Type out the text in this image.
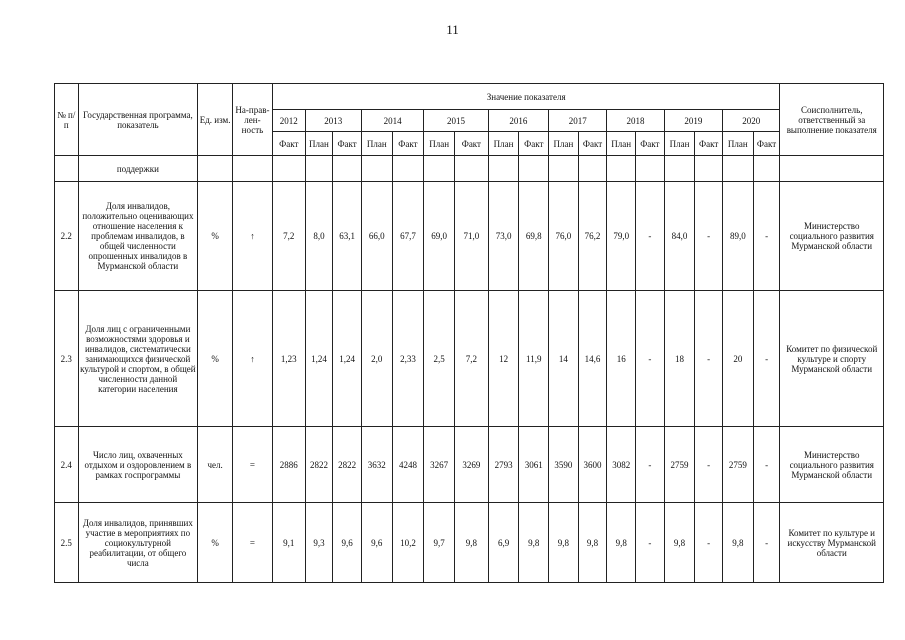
11
№ п/п	Государственная программа, показатель	Ед. изм.	На-прав-лен-ность	Значение показателя																	Соисполнитель, ответственный за выполнение показателя
				2012	2013		2014		2015		2016		2017		2018		2019		2020		
				Факт	План	Факт	План	Факт	План	Факт	План	Факт	План	Факт	План	Факт	План	Факт	План	Факт	
	поддержки																				
2.2	Доля инвалидов, положительно оценивающих отношение населения к проблемам инвалидов, в общей численности опрошенных инвалидов в Мурманской области	%	↑	7,2	8,0	63,1	66,0	67,7	69,0	71,0	73,0	69,8	76,0	76,2	79,0	-	84,0	-	89,0	-	Министерство социального развития Мурманской области
2.3	Доля лиц с ограниченными возможностями здоровья и инвалидов, систематически занимающихся физической культурой и спортом, в общей численности данной категории населения	%	↑	1,23	1,24	1,24	2,0	2,33	2,5	7,2	12	11,9	14	14,6	16	-	18	-	20	-	Комитет по физической культуре и спорту Мурманской области
2.4	Число лиц, охваченных отдыхом и оздоровлением в рамках госпрограммы	чел.	=	2886	2822	2822	3632	4248	3267	3269	2793	3061	3590	3600	3082	-	2759	-	2759	-	Министерство социального развития Мурманской области
2.5	Доля инвалидов, принявших участие в мероприятиях по социокультурной реабилитации, от общего числа	%	=	9,1	9,3	9,6	9,6	10,2	9,7	9,8	6,9	9,8	9,8	9,8	9,8	-	9,8	-	9,8	-	Комитет по культуре и искусству Мурманской области
